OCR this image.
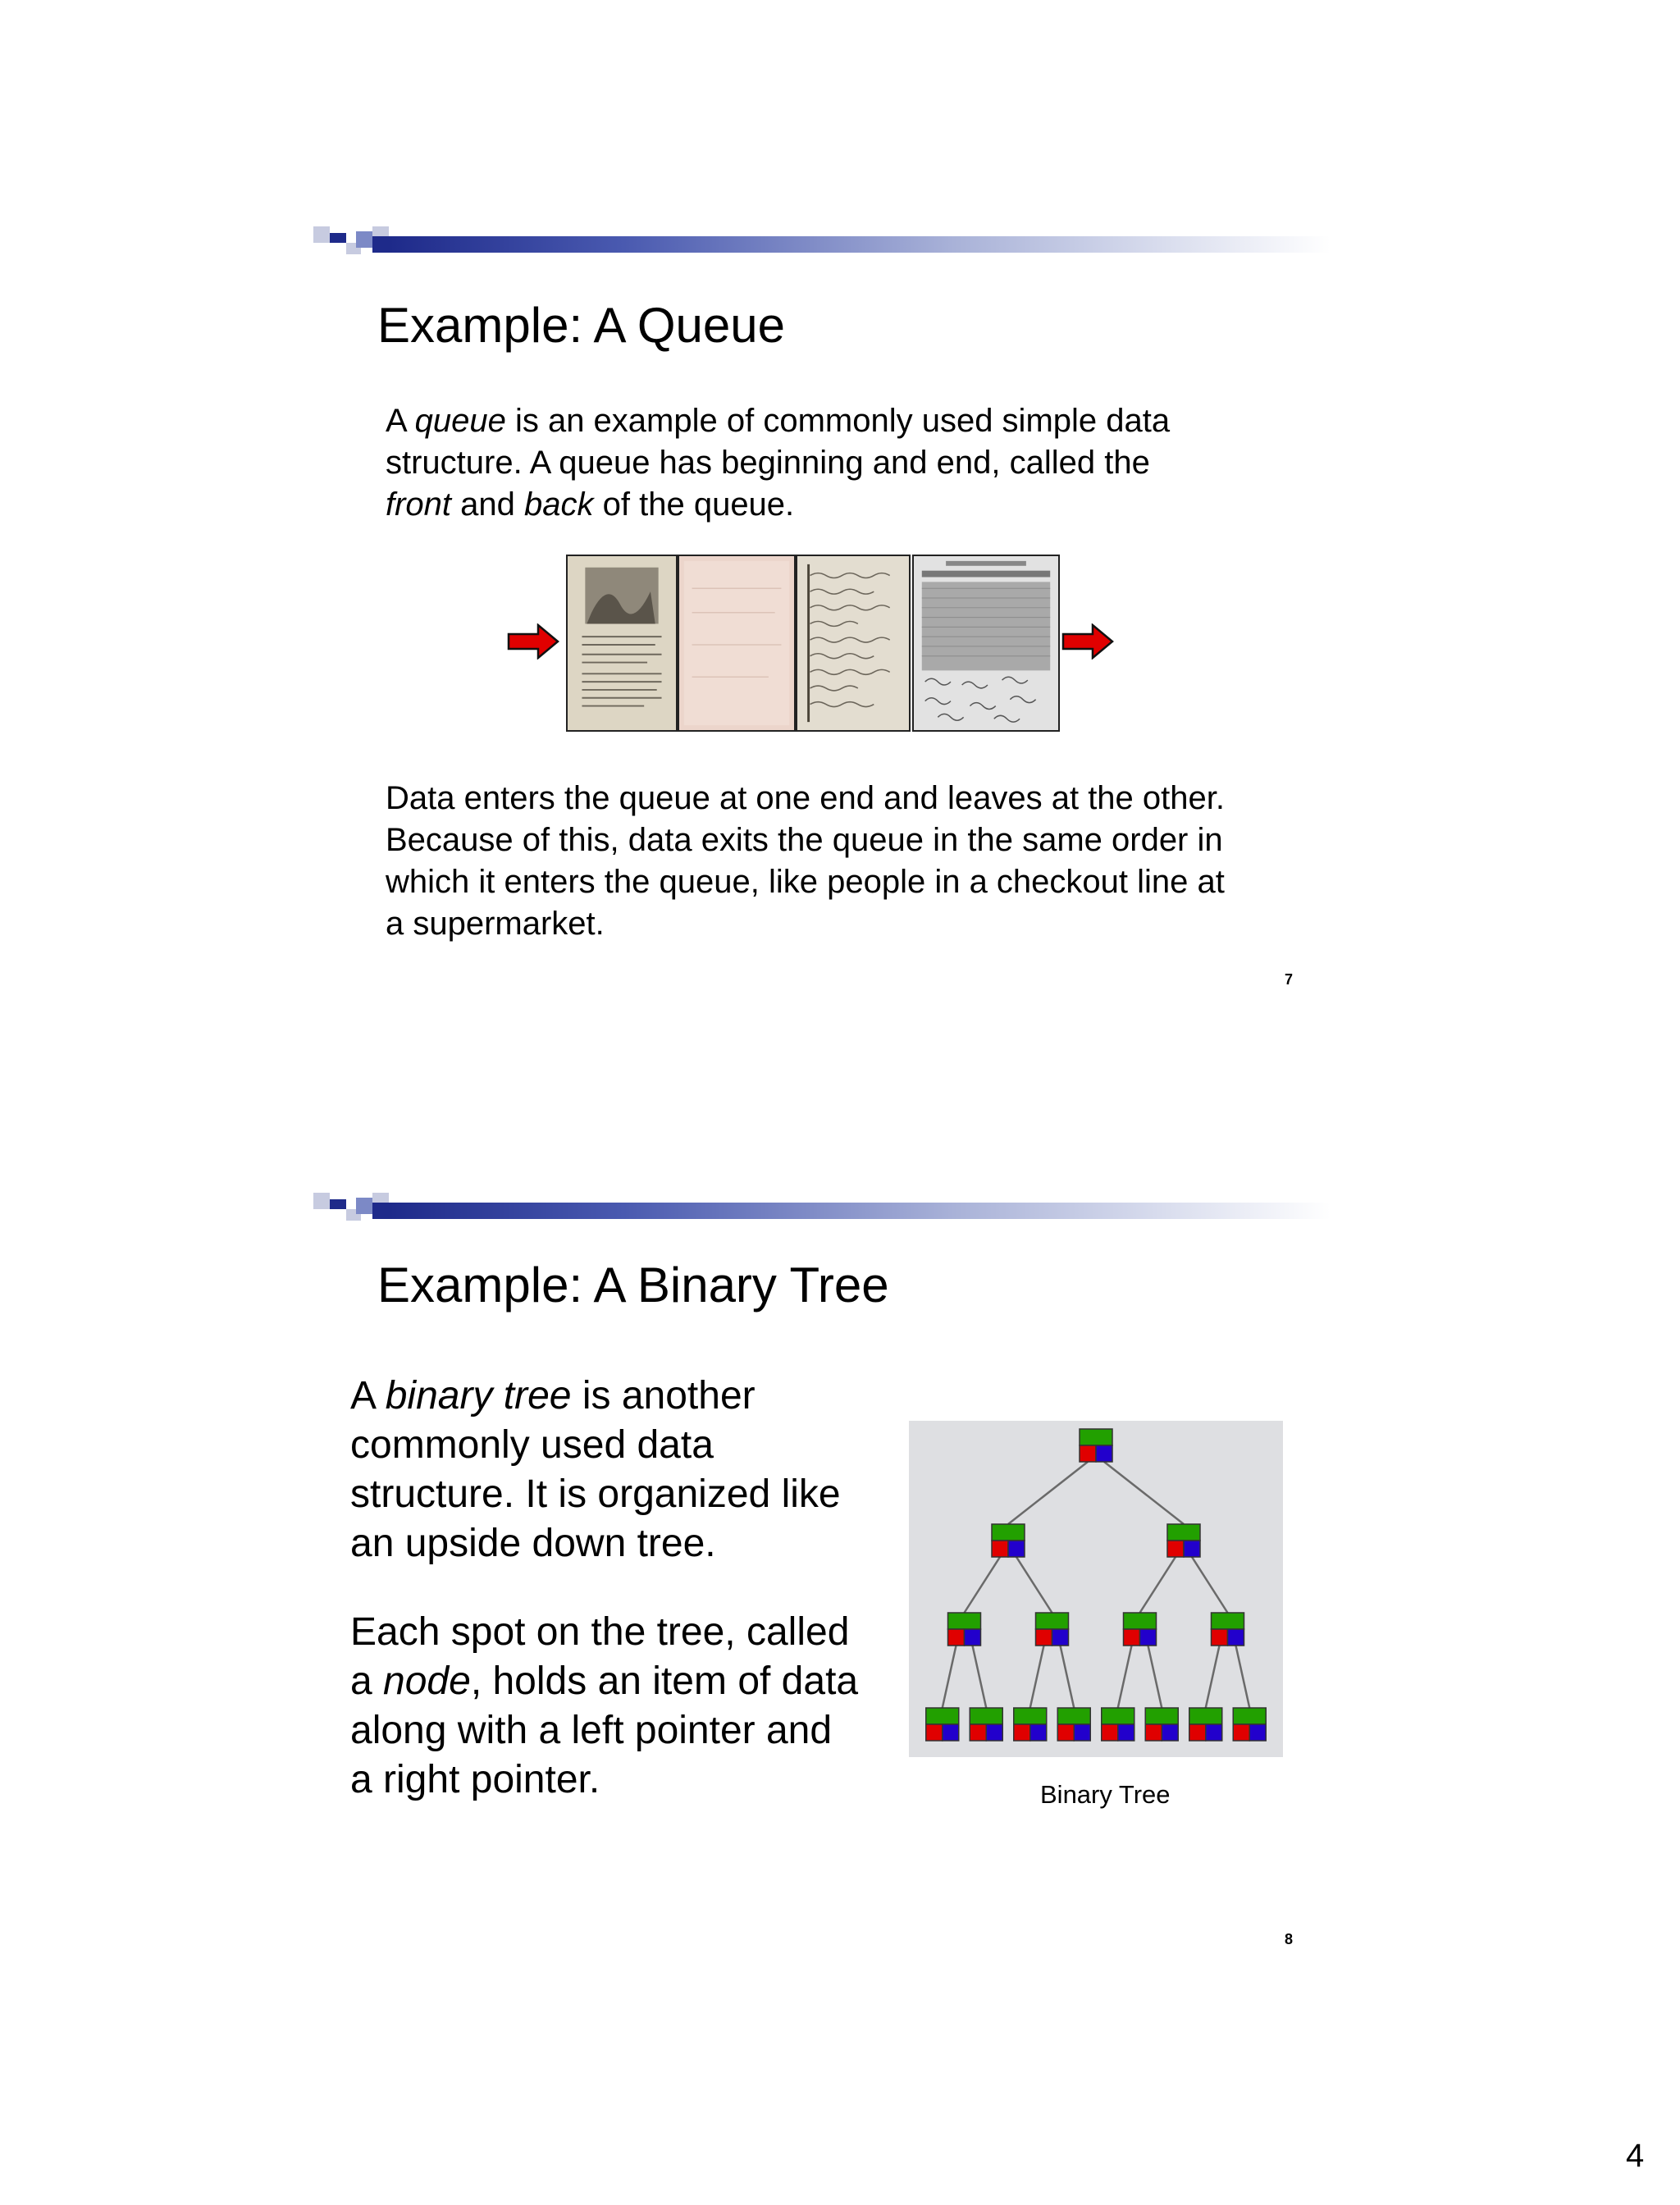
Example: A Queue

A queue is an example of commonly used simple data
structure. A queue has beginning and end, called the
front and back of the queue.

Data enters the queue at one end and leaves at the other.
Because of this, data exits the queue in the same order in
which it enters the queue, like people in a checkout line at
a supermarket.

7
Example: A Binary Tree

A binary tree is another
commonly used data
structure. It is organized like
an upside down tree.

Each spot on the tree, called
a node, holds an item of data
along with a left pointer and
a right pointer.

8
Binary Tree
4
